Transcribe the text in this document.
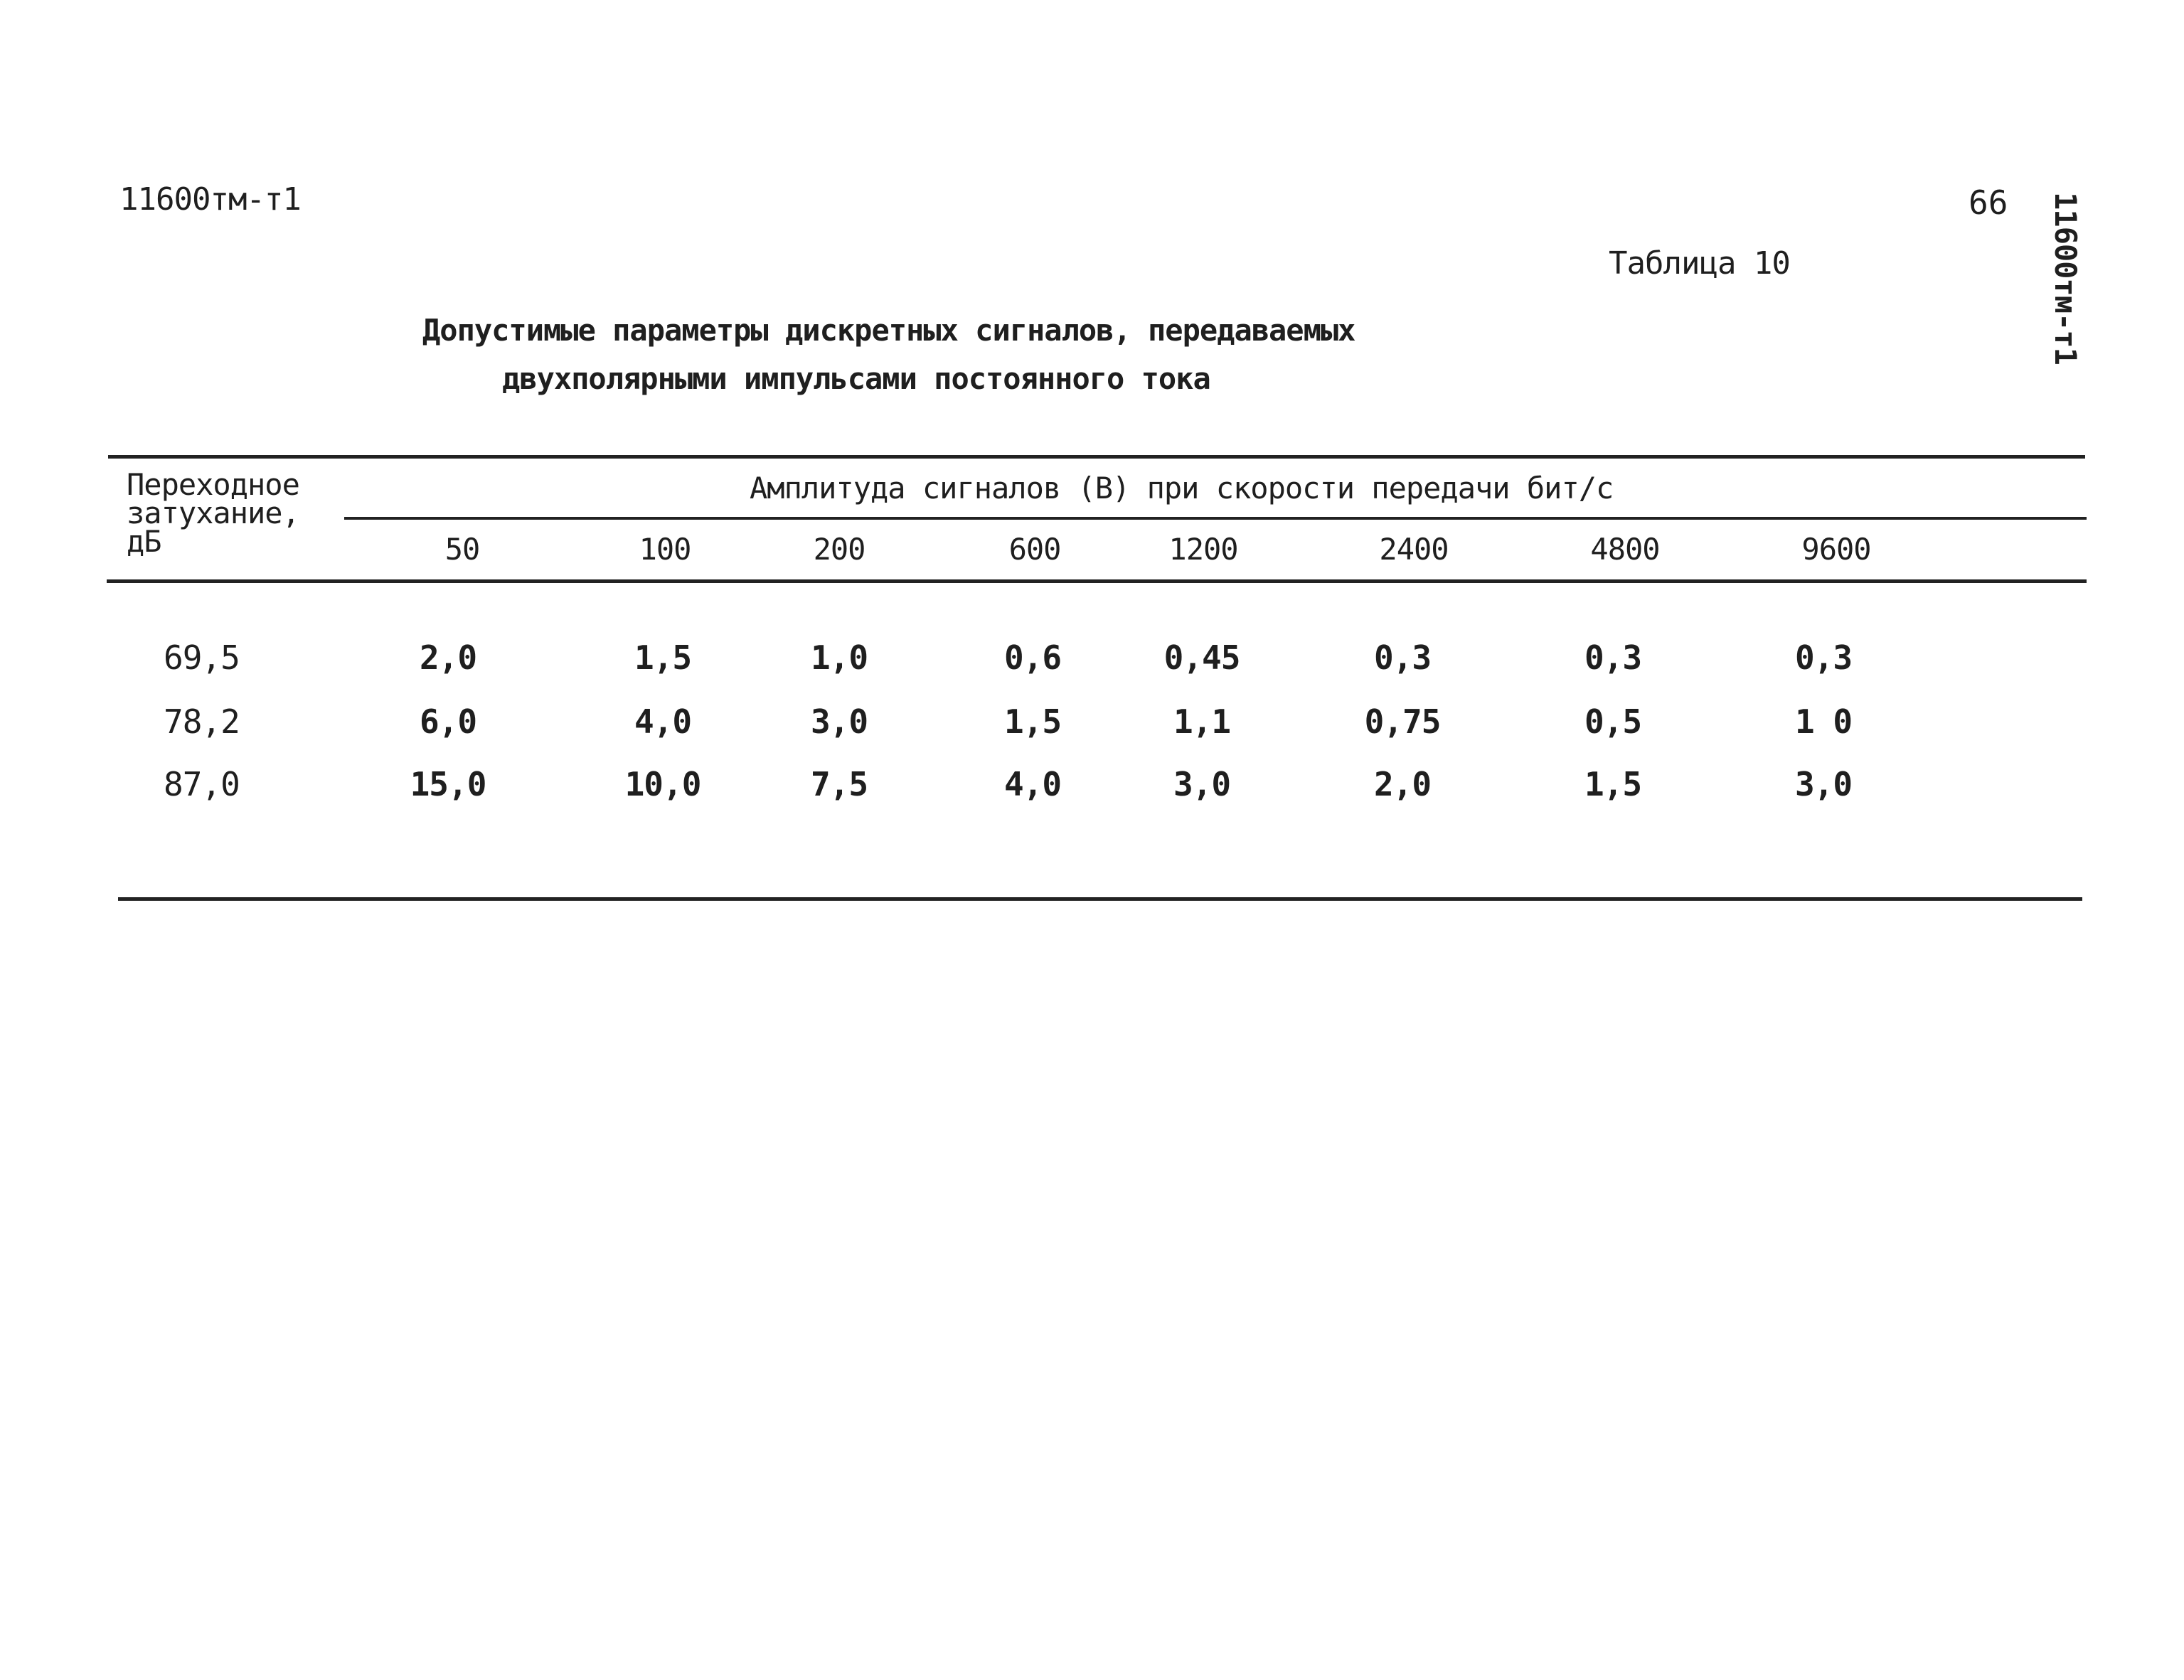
11600тм-т1	66 11600тм-т1
Таблица 10
Допустимые параметры дискретных сигналов, передаваемых
двухполярными импульсами постоянного тока
Переходное
затухание,
дБ
Амплитуда сигналов (В) при скорости передачи бит/с
50	100	200	600	1200	2400	4800	9600
69,5	2,0	1,5	1,0	0,6	0,45	0,3	0,3	0,3
78,2	6,0	4,0	3,0	1,5	1,1	0,75	0,5	1 0
87,0	15,0	10,0	7,5	4,0	3,0	2,0	1,5	3,0
